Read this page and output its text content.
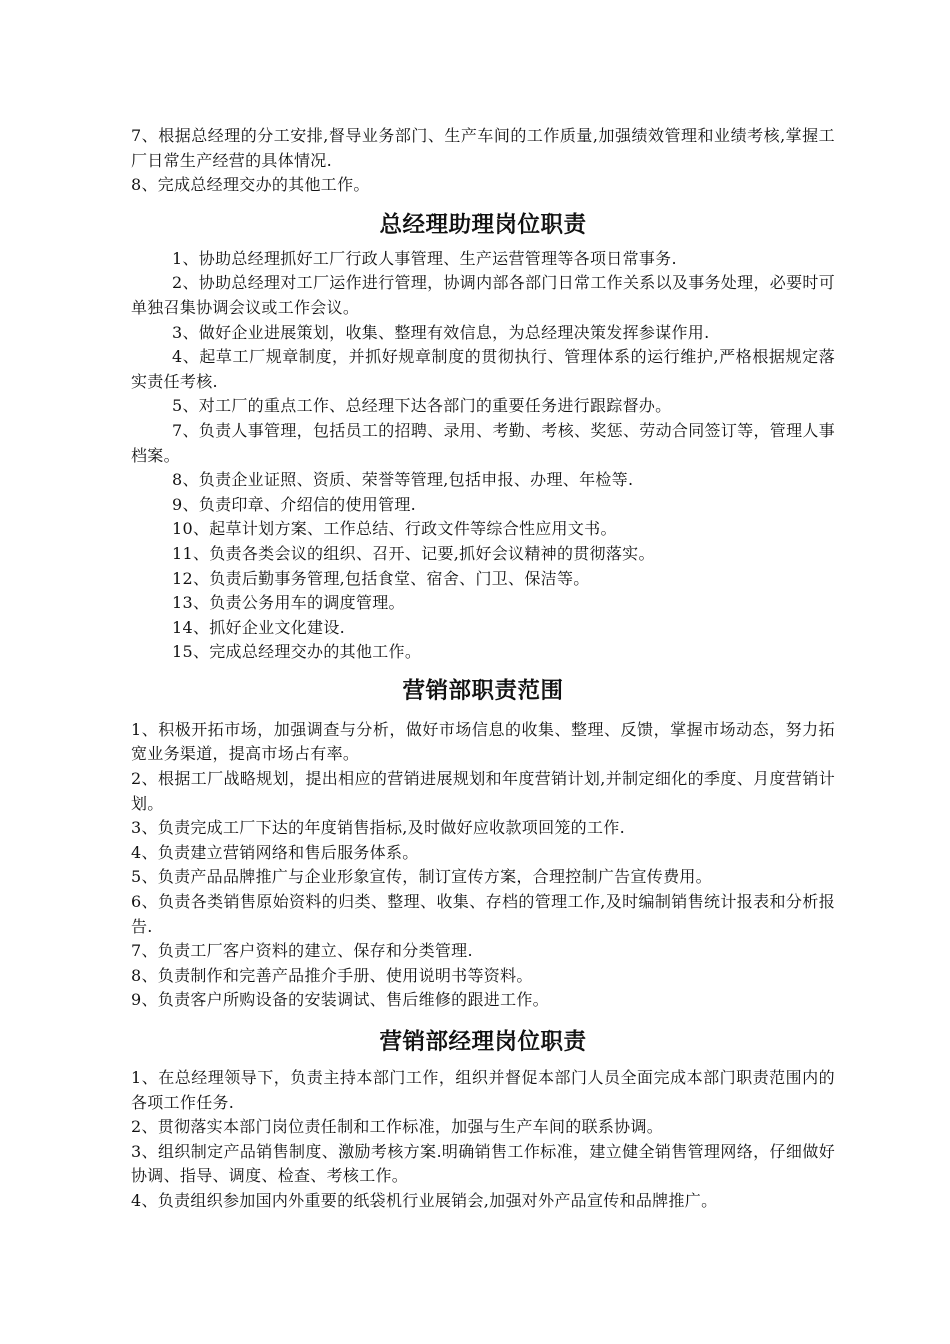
7、根据总经理的分工安排,督导业务部门、生产车间的工作质量,加强绩效管理和业绩考核,掌握工厂日常生产经营的具体情况.

8、完成总经理交办的其他工作。

总经理助理岗位职责

1、协助总经理抓好工厂行政人事管理、生产运营管理等各项日常事务.

2、协助总经理对工厂运作进行管理，协调内部各部门日常工作关系以及事务处理，必要时可单独召集协调会议或工作会议。

3、做好企业进展策划，收集、整理有效信息，为总经理决策发挥参谋作用.

4、起草工厂规章制度，并抓好规章制度的贯彻执行、管理体系的运行维护,严格根据规定落实责任考核.

5、对工厂的重点工作、总经理下达各部门的重要任务进行跟踪督办。

7、负责人事管理，包括员工的招聘、录用、考勤、考核、奖惩、劳动合同签订等，管理人事档案。

8、负责企业证照、资质、荣誉等管理,包括申报、办理、年检等.

9、负责印章、介绍信的使用管理.

10、起草计划方案、工作总结、行政文件等综合性应用文书。

11、负责各类会议的组织、召开、记要,抓好会议精神的贯彻落实。

12、负责后勤事务管理,包括食堂、宿舍、门卫、保洁等。

13、负责公务用车的调度管理。

14、抓好企业文化建设.

15、完成总经理交办的其他工作。

营销部职责范围

1、积极开拓市场，加强调查与分析，做好市场信息的收集、整理、反馈，掌握市场动态，努力拓宽业务渠道，提高市场占有率。

2、根据工厂战略规划，提出相应的营销进展规划和年度营销计划,并制定细化的季度、月度营销计划。

3、负责完成工厂下达的年度销售指标,及时做好应收款项回笼的工作.

4、负责建立营销网络和售后服务体系。

5、负责产品品牌推广与企业形象宣传，制订宣传方案，合理控制广告宣传费用。

6、负责各类销售原始资料的归类、整理、收集、存档的管理工作,及时编制销售统计报表和分析报告.

7、负责工厂客户资料的建立、保存和分类管理.

8、负责制作和完善产品推介手册、使用说明书等资料。

9、负责客户所购设备的安装调试、售后维修的跟进工作。

营销部经理岗位职责

1、在总经理领导下，负责主持本部门工作，组织并督促本部门人员全面完成本部门职责范围内的各项工作任务.

2、贯彻落实本部门岗位责任制和工作标准，加强与生产车间的联系协调。

3、组织制定产品销售制度、激励考核方案.明确销售工作标准，建立健全销售管理网络，仔细做好协调、指导、调度、检查、考核工作。

4、负责组织参加国内外重要的纸袋机行业展销会,加强对外产品宣传和品牌推广。
